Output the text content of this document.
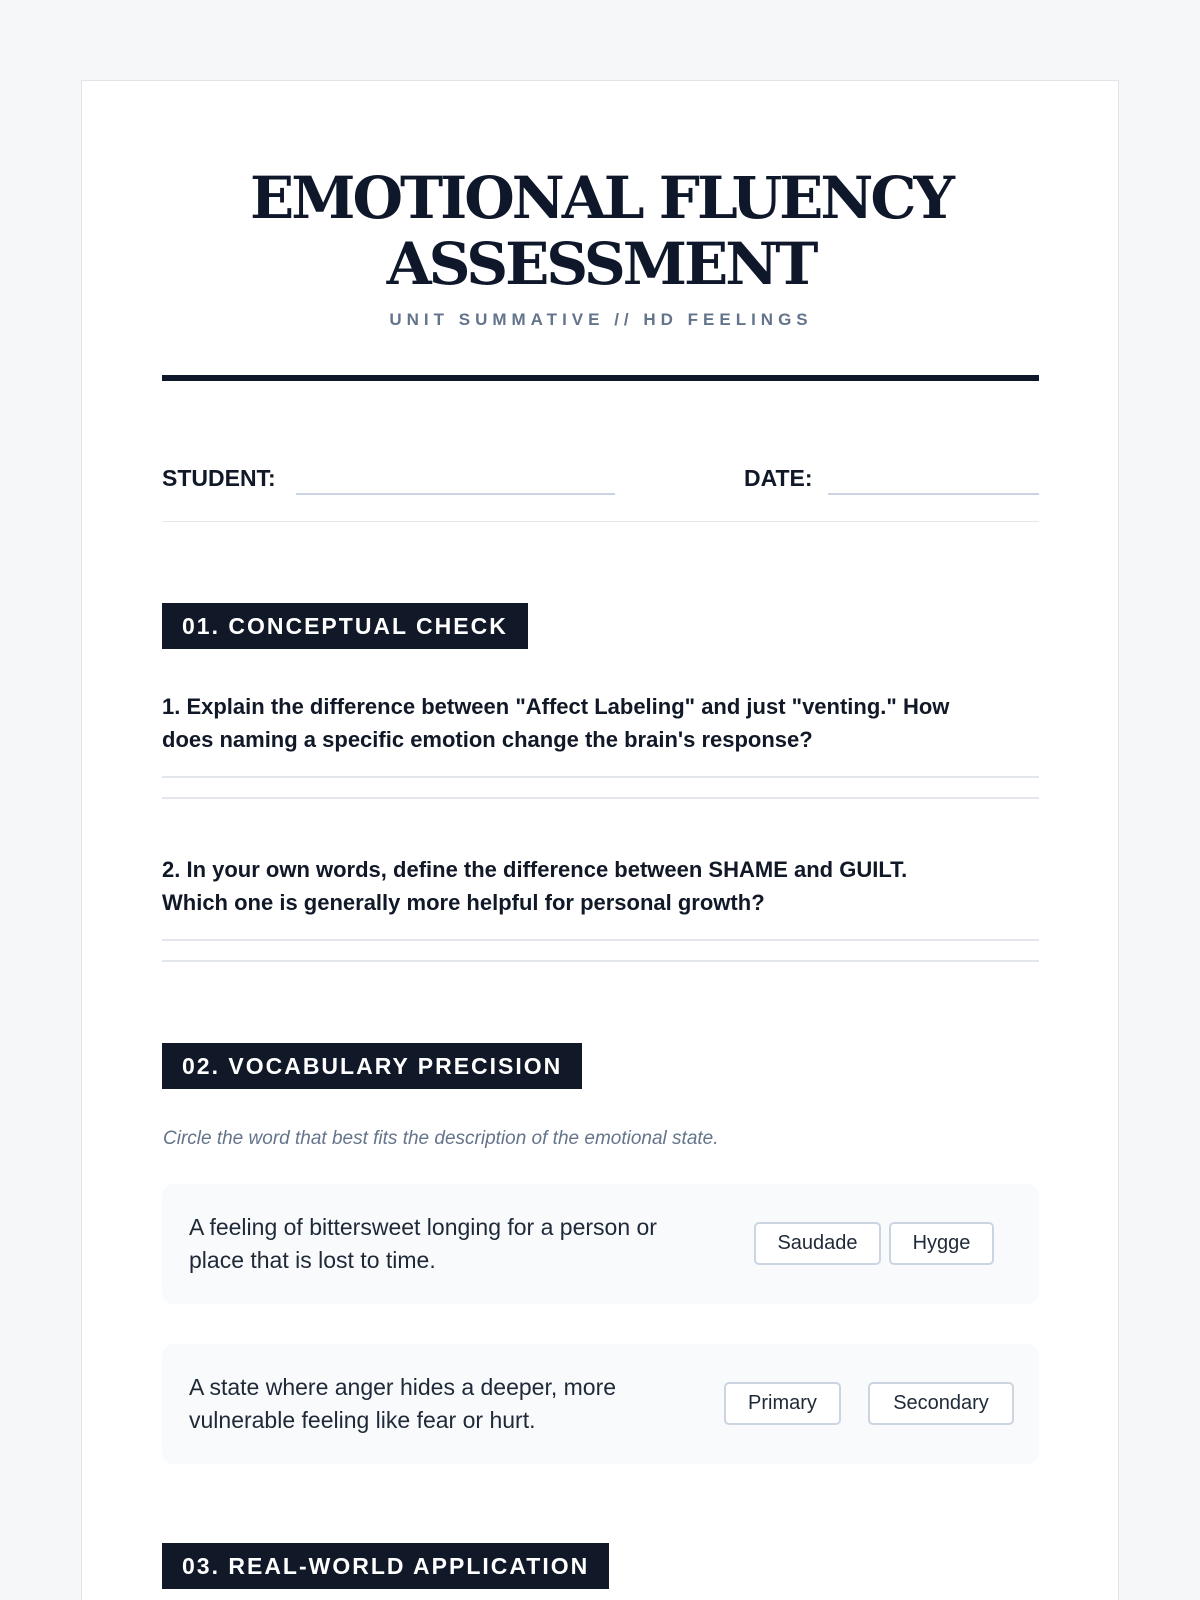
EMOTIONAL FLUENCY
ASSESSMENT
UNIT SUMMATIVE // HD FEELINGS
STUDENT:	DATE:
01. CONCEPTUAL CHECK

1. Explain the difference between "Affect Labeling" and just "venting." How
does naming a specific emotion change the brain's response?

2. In your own words, define the difference between SHAME and GUILT.
Which one is generally more helpful for personal growth?

02. VOCABULARY PRECISION
Circle the word that best fits the description of the emotional state.

A feeling of bittersweet longing for a person or
place that is lost to time.

Saudade	Hygge

A state where anger hides a deeper, more
vulnerable feeling like fear or hurt.

Primary	Secondary
03. REAL-WORLD APPLICATION
